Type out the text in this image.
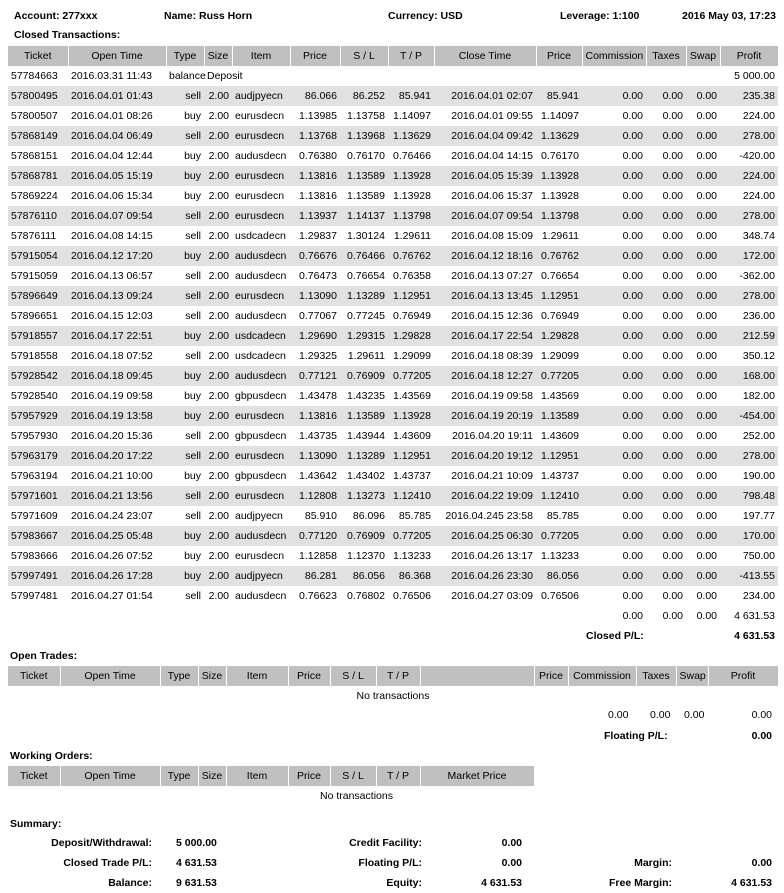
Account: 277xxx	Name: Russ Horn	Currency: USD	Leverage: 1:100	2016 May 03, 17:23
Closed Transactions:
Ticket	Open Time	Type	Size	Item	Price	S / L	T / P	Close Time	Price	Commission	Taxes	Swap	Profit
57784663	2016.03.31 11:43	balance	Deposit										5 000.00
57800495	2016.04.01 01:43	sell	2.00	audjpyecn	86.066	86.252	85.941	2016.04.01 02:07	85.941	0.00	0.00	0.00	235.38
57800507	2016.04.01 08:26	buy	2.00	eurusdecn	1.13985	1.13758	1.14097	2016.04.01 09:55	1.14097	0.00	0.00	0.00	224.00
57868149	2016.04.04 06:49	sell	2.00	eurusdecn	1.13768	1.13968	1.13629	2016.04.04 09:42	1.13629	0.00	0.00	0.00	278.00
57868151	2016.04.04 12:44	buy	2.00	audusdecn	0.76380	0.76170	0.76466	2016.04.04 14:15	0.76170	0.00	0.00	0.00	-420.00
57868781	2016.04.05 15:19	buy	2.00	eurusdecn	1.13816	1.13589	1.13928	2016.04.05 15:39	1.13928	0.00	0.00	0.00	224.00
57869224	2016.04.06 15:34	buy	2.00	eurusdecn	1.13816	1.13589	1.13928	2016.04.06 15:37	1.13928	0.00	0.00	0.00	224.00
57876110	2016.04.07 09:54	sell	2.00	eurusdecn	1.13937	1.14137	1.13798	2016.04.07 09:54	1.13798	0.00	0.00	0.00	278.00
57876111	2016.04.08 14:15	sell	2.00	usdcadecn	1.29837	1.30124	1.29611	2016.04.08 15:09	1.29611	0.00	0.00	0.00	348.74
57915054	2016.04.12 17:20	buy	2.00	audusdecn	0.76676	0.76466	0.76762	2016.04.12 18:16	0.76762	0.00	0.00	0.00	172.00
57915059	2016.04.13 06:57	sell	2.00	audusdecn	0.76473	0.76654	0.76358	2016.04.13 07:27	0.76654	0.00	0.00	0.00	-362.00
57896649	2016.04.13 09:24	sell	2.00	eurusdecn	1.13090	1.13289	1.12951	2016.04.13 13:45	1.12951	0.00	0.00	0.00	278.00
57896651	2016.04.15 12:03	sell	2.00	audusdecn	0.77067	0.77245	0.76949	2016.04.15 12:36	0.76949	0.00	0.00	0.00	236.00
57918557	2016.04.17 22:51	buy	2.00	usdcadecn	1.29690	1.29315	1.29828	2016.04.17 22:54	1.29828	0.00	0.00	0.00	212.59
57918558	2016.04.18 07:52	sell	2.00	usdcadecn	1.29325	1.29611	1.29099	2016.04.18 08:39	1.29099	0.00	0.00	0.00	350.12
57928542	2016.04.18 09:45	buy	2.00	audusdecn	0.77121	0.76909	0.77205	2016.04.18 12:27	0.77205	0.00	0.00	0.00	168.00
57928540	2016.04.19 09:58	buy	2.00	gbpusdecn	1.43478	1.43235	1.43569	2016.04.19 09:58	1.43569	0.00	0.00	0.00	182.00
57957929	2016.04.19 13:58	buy	2.00	eurusdecn	1.13816	1.13589	1.13928	2016.04.19 20:19	1.13589	0.00	0.00	0.00	-454.00
57957930	2016.04.20 15:36	sell	2.00	gbpusdecn	1.43735	1.43944	1.43609	2016.04.20 19:11	1.43609	0.00	0.00	0.00	252.00
57963179	2016.04.20 17:22	sell	2.00	eurusdecn	1.13090	1.13289	1.12951	2016.04.20 19:12	1.12951	0.00	0.00	0.00	278.00
57963194	2016.04.21 10:00	buy	2.00	gbpusdecn	1.43642	1.43402	1.43737	2016.04.21 10:09	1.43737	0.00	0.00	0.00	190.00
57971601	2016.04.21 13:56	sell	2.00	eurusdecn	1.12808	1.13273	1.12410	2016.04.22 19:09	1.12410	0.00	0.00	0.00	798.48
57971609	2016.04.24 23:07	sell	2.00	audjpyecn	85.910	86.096	85.785	2016.04.245 23:58	85.785	0.00	0.00	0.00	197.77
57983667	2016.04.25 05:48	buy	2.00	audusdecn	0.77120	0.76909	0.77205	2016.04.25 06:30	0.77205	0.00	0.00	0.00	170.00
57983666	2016.04.26 07:52	buy	2.00	eurusdecn	1.12858	1.12370	1.13233	2016.04.26 13:17	1.13233	0.00	0.00	0.00	750.00
57997491	2016.04.26 17:28	buy	2.00	audjpyecn	86.281	86.056	86.368	2016.04.26 23:30	86.056	0.00	0.00	0.00	-413.55
57997481	2016.04.27 01:54	sell	2.00	audusdecn	0.76623	0.76802	0.76506	2016.04.27 03:09	0.76506	0.00	0.00	0.00	234.00
										0.00	0.00	0.00	4 631.53
										Closed P/L:			4 631.53
Open Trades:
Ticket	Open Time	Type	Size	Item	Price	S / L	T / P		Price	Commission	Taxes	Swap	Profit
No transactions
0.00 0.00 0.00	0.00
Floating P/L:	0.00
Working Orders:
Ticket	Open Time	Type	Size	Item	Price	S / L	T / P	Market Price
No transactions
Summary:
Deposit/Withdrawal: 5 000.00
Closed Trade P/L: 4 631.53
Balance: 9 631.53
Credit Facility:	0.00
Floating P/L:	0.00
Equity:	4 631.53
Margin:	0.00
Free Margin:	4 631.53
